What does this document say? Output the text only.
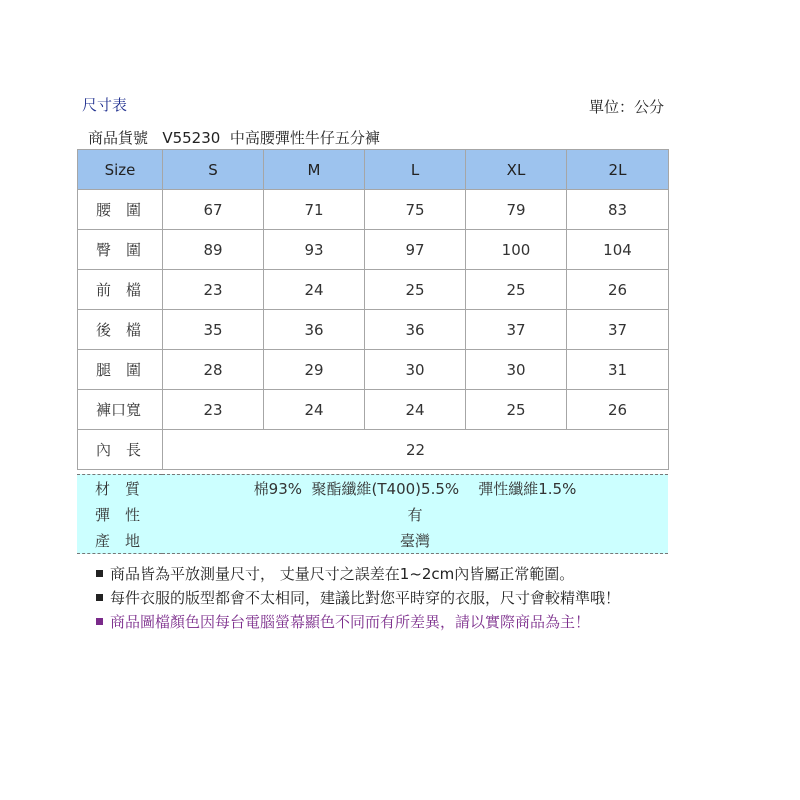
尺寸表	單位：公分
商品貨號 V55230 中高腰彈性牛仔五分褲
Size	S	M	L	XL	2L
腰　圍	67	71	75	79	83
臀　圍	89	93	97	100	104
前　檔	23	24	25	25	26
後　檔	35	36	36	37	37
腿　圍	28	29	30	30	31
褲口寬	23	24	24	25	26
內　長	22				
材　質	棉93%  聚酯纖維(T400)5.5%    彈性纖維1.5%
彈　性	有
產　地	臺灣
商品皆為平放測量尺寸， 丈量尺寸之誤差在1~2cm內皆屬正常範圍。
每件衣服的版型都會不太相同，建議比對您平時穿的衣服，尺寸會較精準哦！
商品圖檔顏色因每台電腦螢幕顯色不同而有所差異，請以實際商品為主！
